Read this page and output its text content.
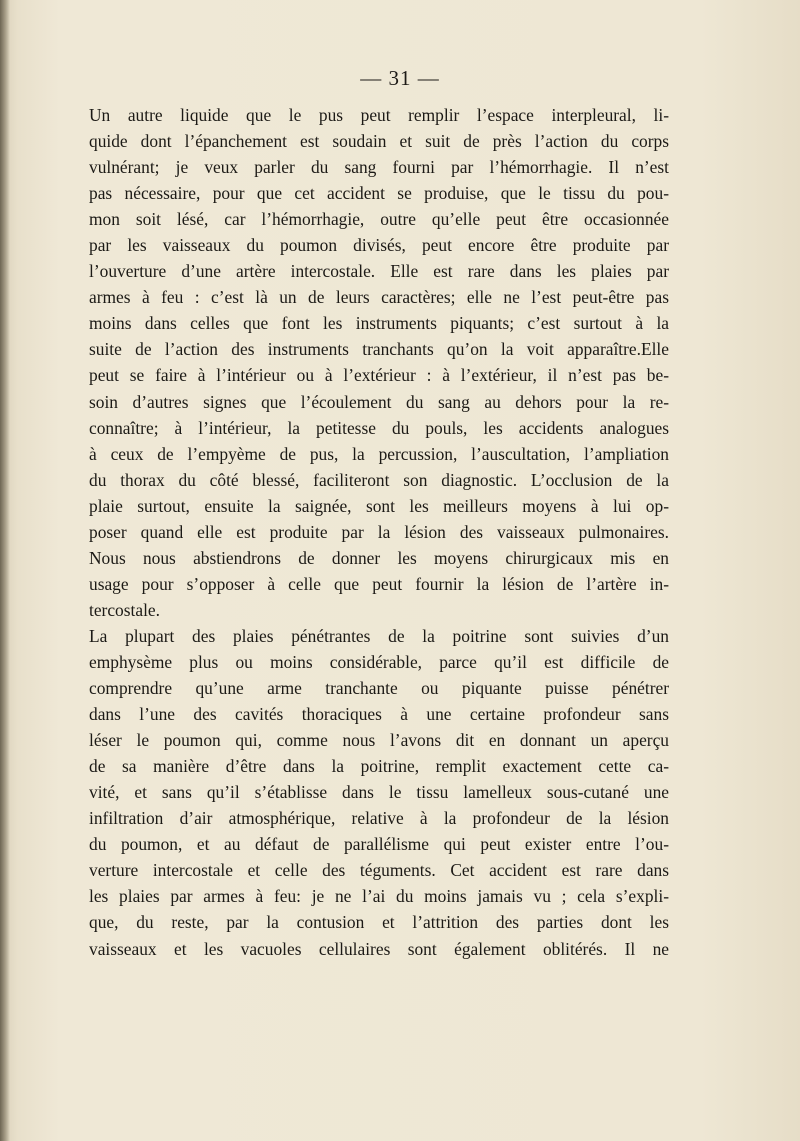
— 31 —
Un autre liquide que le pus peut remplir l’espace interpleural, li-
quide dont l’épanchement est soudain et suit de près l’action du corps
vulnérant; je veux parler du sang fourni par l’hémorrhagie. Il n’est
pas nécessaire, pour que cet accident se produise, que le tissu du pou-
mon soit lésé, car l’hémorrhagie, outre qu’elle peut être occasionnée
par les vaisseaux du poumon divisés, peut encore être produite par
l’ouverture d’une artère intercostale. Elle est rare dans les plaies par
armes à feu : c’est là un de leurs caractères; elle ne l’est peut-être pas
moins dans celles que font les instruments piquants; c’est surtout à la
suite de l’action des instruments tranchants qu’on la voit apparaître.Elle
peut se faire à l’intérieur ou à l’extérieur : à l’extérieur, il n’est pas be-
soin d’autres signes que l’écoulement du sang au dehors pour la re-
connaître; à l’intérieur, la petitesse du pouls, les accidents analogues
à ceux de l’empyème de pus, la percussion, l’auscultation, l’ampliation
du thorax du côté blessé, faciliteront son diagnostic. L’occlusion de la
plaie surtout, ensuite la saignée, sont les meilleurs moyens à lui op-
poser quand elle est produite par la lésion des vaisseaux pulmonaires.
Nous nous abstiendrons de donner les moyens chirurgicaux mis en
usage pour s’opposer à celle que peut fournir la lésion de l’artère in-
tercostale.
La plupart des plaies pénétrantes de la poitrine sont suivies d’un
emphysème plus ou moins considérable, parce qu’il est difficile de
comprendre qu’une arme tranchante ou piquante puisse pénétrer
dans l’une des cavités thoraciques à une certaine profondeur sans
léser le poumon qui, comme nous l’avons dit en donnant un aperçu
de sa manière d’être dans la poitrine, remplit exactement cette ca-
vité, et sans qu’il s’établisse dans le tissu lamelleux sous-cutané une
infiltration d’air atmosphérique, relative à la profondeur de la lésion
du poumon, et au défaut de parallélisme qui peut exister entre l’ou-
verture intercostale et celle des téguments. Cet accident est rare dans
les plaies par armes à feu: je ne l’ai du moins jamais vu ; cela s’expli-
que, du reste, par la contusion et l’attrition des parties dont les
vaisseaux et les vacuoles cellulaires sont également oblitérés. Il ne
